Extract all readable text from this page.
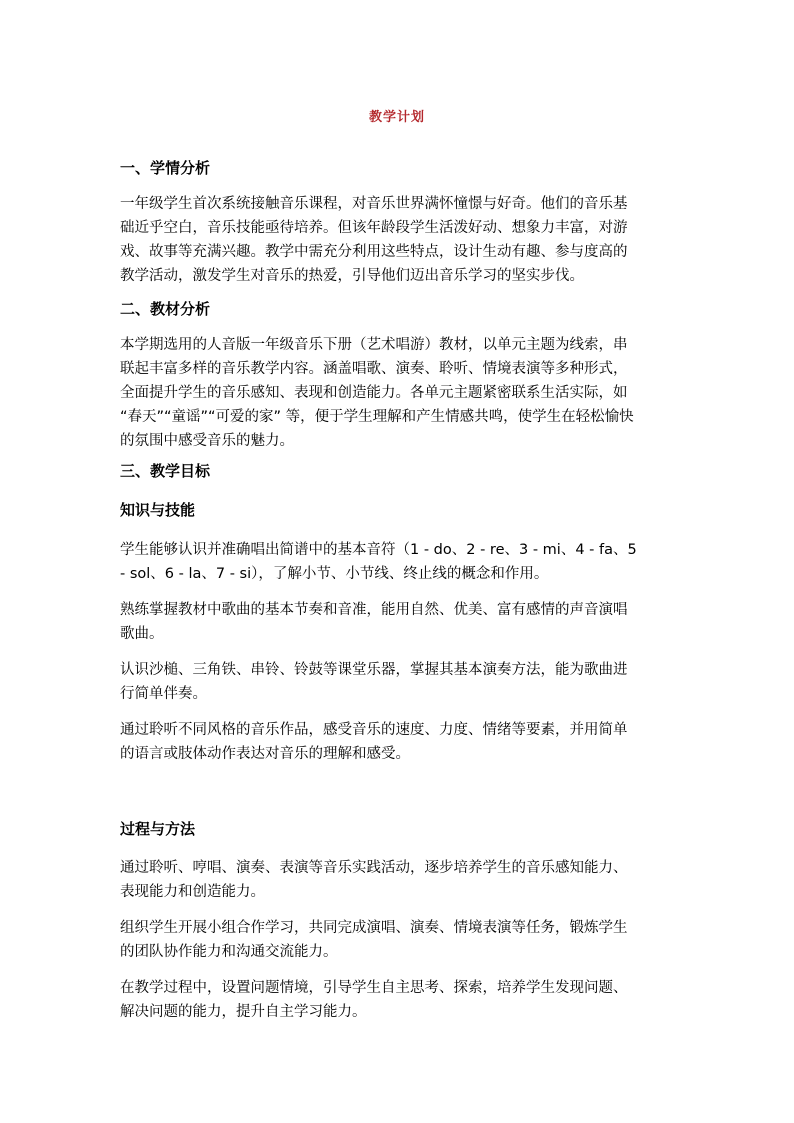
教学计划
一、学情分析
一年级学生首次系统接触音乐课程，对音乐世界满怀憧憬与好奇。他们的音乐基
础近乎空白，音乐技能亟待培养。但该年龄段学生活泼好动、想象力丰富，对游
戏、故事等充满兴趣。教学中需充分利用这些特点，设计生动有趣、参与度高的
教学活动，激发学生对音乐的热爱，引导他们迈出音乐学习的坚实步伐。
二、教材分析
本学期选用的人音版一年级音乐下册（艺术唱游）教材，以单元主题为线索，串
联起丰富多样的音乐教学内容。涵盖唱歌、演奏、聆听、情境表演等多种形式，
全面提升学生的音乐感知、表现和创造能力。各单元主题紧密联系生活实际，如
“春天”“童谣”“可爱的家” 等，便于学生理解和产生情感共鸣，使学生在轻松愉快
的氛围中感受音乐的魅力。
三、教学目标
知识与技能
学生能够认识并准确唱出简谱中的基本音符（1 - do、2 - re、3 - mi、4 - fa、5
- sol、6 - la、7 - si），了解小节、小节线、终止线的概念和作用。
熟练掌握教材中歌曲的基本节奏和音准，能用自然、优美、富有感情的声音演唱
歌曲。
认识沙槌、三角铁、串铃、铃鼓等课堂乐器，掌握其基本演奏方法，能为歌曲进
行简单伴奏。
通过聆听不同风格的音乐作品，感受音乐的速度、力度、情绪等要素，并用简单
的语言或肢体动作表达对音乐的理解和感受。
过程与方法
通过聆听、哼唱、演奏、表演等音乐实践活动，逐步培养学生的音乐感知能力、
表现能力和创造能力。
组织学生开展小组合作学习，共同完成演唱、演奏、情境表演等任务，锻炼学生
的团队协作能力和沟通交流能力。
在教学过程中，设置问题情境，引导学生自主思考、探索，培养学生发现问题、
解决问题的能力，提升自主学习能力。
